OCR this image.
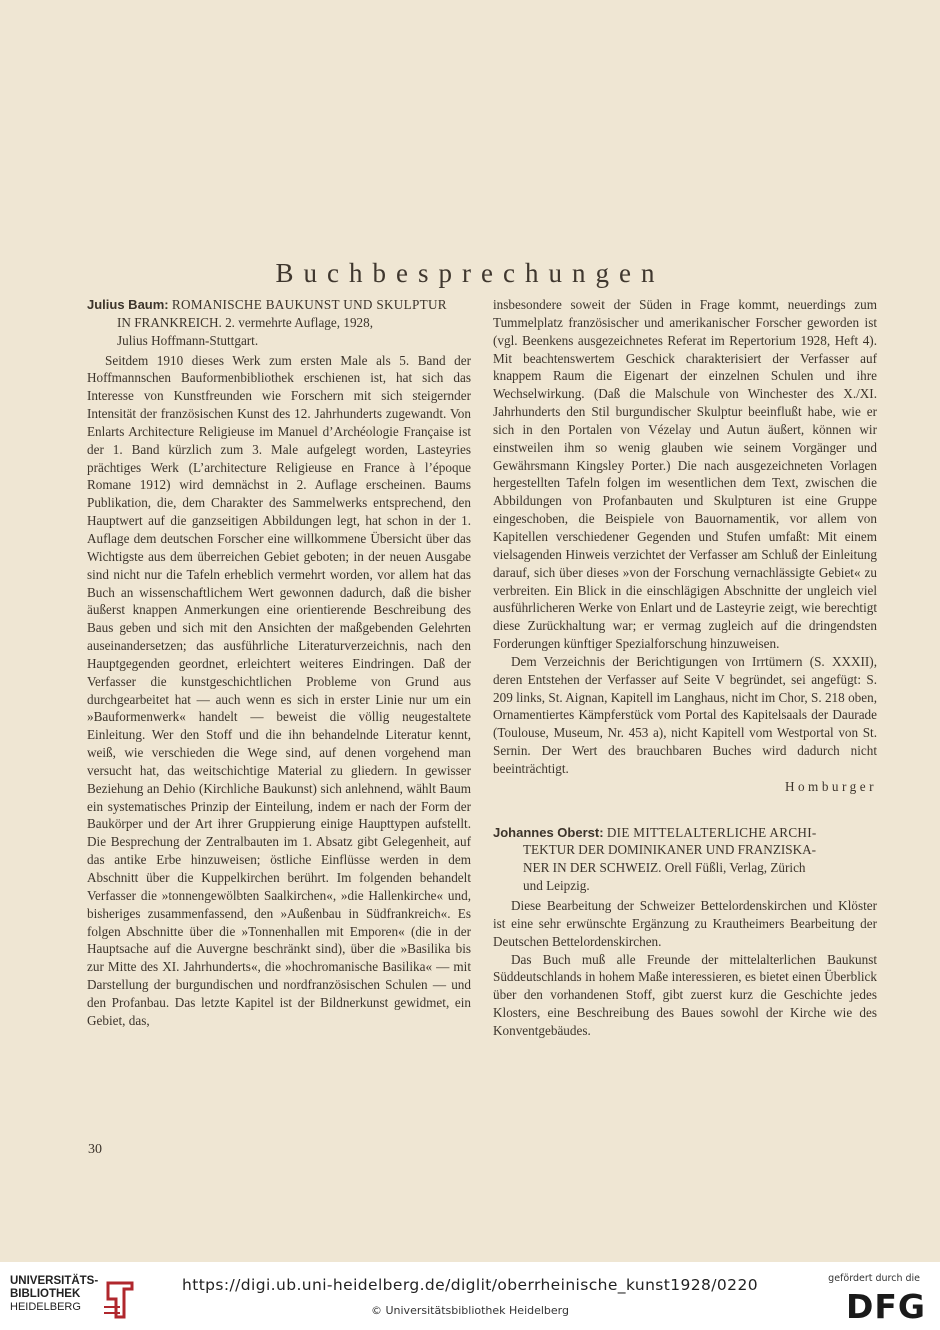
Buchbesprechungen
Julius Baum: ROMANISCHE BAUKUNST UND SKULPTUR
IN FRANKREICH. 2. vermehrte Auflage, 1928,
Julius Hoffmann-Stuttgart.

Seitdem 1910 dieses Werk zum ersten Male als 5. Band der Hoffmannschen Bauformenbibliothek erschienen ist, hat sich das Interesse von Kunstfreunden wie Forschern mit sich steigernder Intensität der französischen Kunst des 12. Jahrhunderts zugewandt. Von Enlarts Architecture Religieuse im Manuel d’Archéologie Française ist der 1. Band kürzlich zum 3. Male aufgelegt worden, Lasteyries prächtiges Werk (L’architecture Religieuse en France à l’époque Romane 1912) wird demnächst in 2. Auflage erscheinen. Baums Publikation, die, dem Charakter des Sammelwerks entsprechend, den Hauptwert auf die ganzseitigen Abbildungen legt, hat schon in der 1. Auflage dem deutschen Forscher eine willkommene Übersicht über das Wichtigste aus dem überreichen Gebiet geboten; in der neuen Ausgabe sind nicht nur die Tafeln erheblich vermehrt worden, vor allem hat das Buch an wissenschaftlichem Wert gewonnen dadurch, daß die bisher äußerst knappen Anmerkungen eine orientierende Beschreibung des Baus geben und sich mit den Ansichten der maßgebenden Gelehrten auseinandersetzen; das ausführliche Literaturverzeichnis, nach den Hauptgegenden geordnet, erleichtert weiteres Eindringen. Daß der Verfasser die kunstgeschichtlichen Probleme von Grund aus durchgearbeitet hat — auch wenn es sich in erster Linie nur um ein »Bauformenwerk« handelt — beweist die völlig neugestaltete Einleitung. Wer den Stoff und die ihn behandelnde Literatur kennt, weiß, wie verschieden die Wege sind, auf denen vorgehend man versucht hat, das weitschichtige Material zu gliedern. In gewisser Beziehung an Dehio (Kirchliche Baukunst) sich anlehnend, wählt Baum ein systematisches Prinzip der Einteilung, indem er nach der Form der Baukörper und der Art ihrer Gruppierung einige Haupttypen aufstellt. Die Besprechung der Zentralbauten im 1. Absatz gibt Gelegenheit, auf das antike Erbe hinzuweisen; östliche Einflüsse werden in dem Abschnitt über die Kuppelkirchen berührt. Im folgenden behandelt Verfasser die »tonnengewölbten Saalkirchen«, »die Hallenkirche« und, bisheriges zusammenfassend, den »Außenbau in Südfrankreich«. Es folgen Abschnitte über die »Tonnenhallen mit Emporen« (die in der Hauptsache auf die Auvergne beschränkt sind), über die »Basilika bis zur Mitte des XI. Jahrhunderts«, die »hochromanische Basilika« — mit Darstellung der burgundischen und nordfranzösischen Schulen — und den Profanbau. Das letzte Kapitel ist der Bildnerkunst gewidmet, ein Gebiet, das,

insbesondere soweit der Süden in Frage kommt, neuerdings zum Tummelplatz französischer und amerikanischer Forscher geworden ist (vgl. Beenkens ausgezeichnetes Referat im Repertorium 1928, Heft 4). Mit beachtenswertem Geschick charakterisiert der Verfasser auf knappem Raum die Eigenart der einzelnen Schulen und ihre Wechselwirkung. (Daß die Malschule von Winchester des X./XI. Jahrhunderts den Stil burgundischer Skulptur beeinflußt habe, wie er sich in den Portalen von Vézelay und Autun äußert, können wir einstweilen ihm so wenig glauben wie seinem Vorgänger und Gewährsmann Kingsley Porter.) Die nach ausgezeichneten Vorlagen hergestellten Tafeln folgen im wesentlichen dem Text, zwischen die Abbildungen von Profanbauten und Skulpturen ist eine Gruppe eingeschoben, die Beispiele von Bauornamentik, vor allem von Kapitellen verschiedener Gegenden und Stufen umfaßt: Mit einem vielsagenden Hinweis verzichtet der Verfasser am Schluß der Einleitung darauf, sich über dieses »von der Forschung vernachlässigte Gebiet« zu verbreiten. Ein Blick in die einschlägigen Abschnitte der ungleich viel ausführlicheren Werke von Enlart und de Lasteyrie zeigt, wie berechtigt diese Zurückhaltung war; er vermag zugleich auf die dringendsten Forderungen künftiger Spezialforschung hinzuweisen.

Dem Verzeichnis der Berichtigungen von Irrtümern (S. XXXII), deren Entstehen der Verfasser auf Seite V begründet, sei angefügt: S. 209 links, St. Aignan, Kapitell im Langhaus, nicht im Chor, S. 218 oben, Ornamentiertes Kämpferstück vom Portal des Kapitelsaals der Daurade (Toulouse, Museum, Nr. 453 a), nicht Kapitell vom Westportal von St. Sernin. Der Wert des brauchbaren Buches wird dadurch nicht beeinträchtigt.

Homburger
Johannes Oberst: DIE MITTELALTERLICHE ARCHI-
TEKTUR DER DOMINIKANER UND FRANZISKA-
NER IN DER SCHWEIZ. Orell Füßli, Verlag, Zürich
und Leipzig.

Diese Bearbeitung der Schweizer Bettelordenskirchen und Klöster ist eine sehr erwünschte Ergänzung zu Krautheimers Bearbeitung der Deutschen Bettelordenskirchen.

Das Buch muß alle Freunde der mittelalterlichen Baukunst Süddeutschlands in hohem Maße interessieren, es bietet einen Überblick über den vorhandenen Stoff, gibt zuerst kurz die Geschichte jedes Klosters, eine Beschreibung des Baues sowohl der Kirche wie des Konventgebäudes.

30
UNIVERSITÄTS-
BIBLIOTHEK
HEIDELBERG
https://digi.ub.uni-heidelberg.de/diglit/oberrheinische_kunst1928/0220
© Universitätsbibliothek Heidelberg
gefördert durch die
DFG
